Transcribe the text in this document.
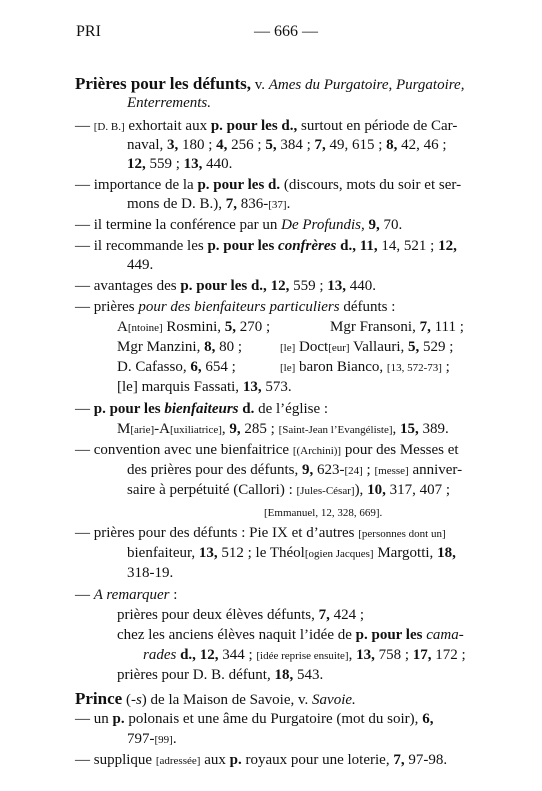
PRI	— 666 —
Prières pour les défunts, v. Ames du Purgatoire, Purgatoire,
Enterrements.
— [D. B.] exhortait aux p. pour les d., surtout en période de Car-
naval, 3, 180 ; 4, 256 ; 5, 384 ; 7, 49, 615 ; 8, 42, 46 ;
12, 559 ; 13, 440.
— importance de la p. pour les d. (discours, mots du soir et ser-
mons de D. B.), 7, 836-[37].
— il termine la conférence par un De Profundis, 9, 70.
— il recommande les p. pour les confrères d., 11, 14, 521 ; 12,
449.
— avantages des p. pour les d., 12, 559 ; 13, 440.
— prières pour des bienfaiteurs particuliers défunts :
A[ntoine] Rosmini, 5, 270 ;	Mgr Fransoni, 7, 111 ;
Mgr Manzini, 8, 80 ;	[le] Doct[eur] Vallauri, 5, 529 ;
D. Cafasso, 6, 654 ;	[le] baron Bianco, [13, 572-73] ;
[le] marquis Fassati, 13, 573.
— p. pour les bienfaiteurs d. de l’église :
M[arie]-A[uxiliatrice], 9, 285 ; [Saint-Jean l’Evangéliste], 15, 389.
— convention avec une bienfaitrice [(Archini)] pour des Messes et
des prières pour des défunts, 9, 623-[24] ; [messe] anniver-
saire à perpétuité (Callori) : [Jules-César]), 10, 317, 407 ;
[Emmanuel, 12, 328, 669].
— prières pour des défunts : Pie IX et d’autres [personnes dont un]
bienfaiteur, 13, 512 ; le Théol[ogien Jacques] Margotti, 18,
318-19.
— A remarquer :
prières pour deux élèves défunts, 7, 424 ;
chez les anciens élèves naquit l’idée de p. pour les cama-
rades d., 12, 344 ; [idée reprise ensuite], 13, 758 ; 17, 172 ;
prières pour D. B. défunt, 18, 543.
Prince (-s) de la Maison de Savoie, v. Savoie.
— un p. polonais et une âme du Purgatoire (mot du soir), 6,
797-[99].
— supplique [adressée] aux p. royaux pour une loterie, 7, 97-98.
